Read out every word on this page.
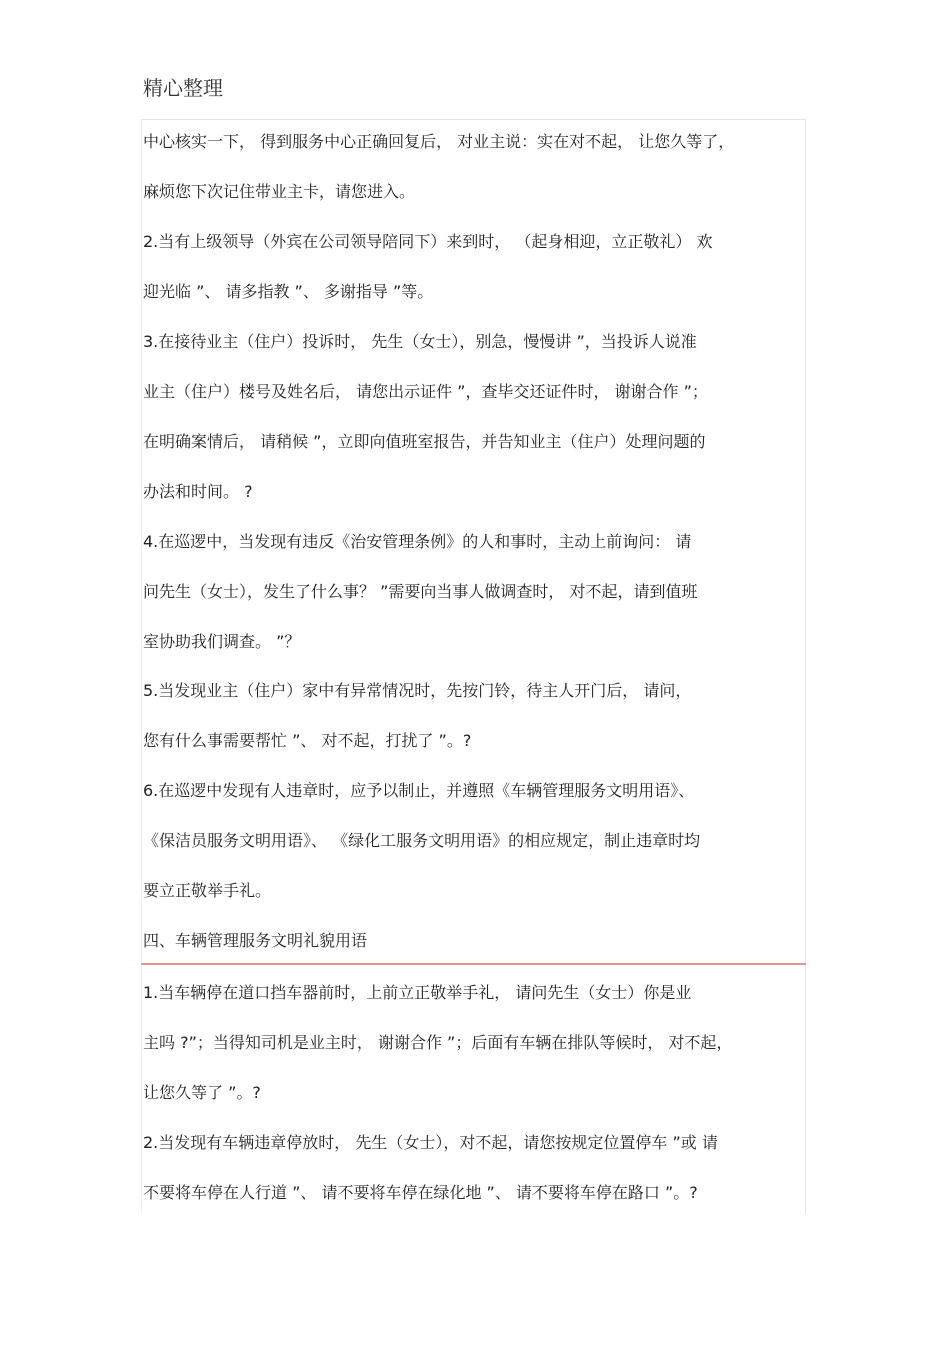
精心整理
中心核实一下， 得到服务中心正确回复后， 对业主说：实在对不起， 让您久等了，
麻烦您下次记住带业主卡，请您进入。
2.当有上级领导（外宾在公司领导陪同下）来到时， （起身相迎，立正敬礼） 欢
迎光临 ”、 请多指教 ”、 多谢指导 ”等。
3.在接待业主（住户）投诉时， 先生（女士），别急，慢慢讲 ”，当投诉人说准
业主（住户）楼号及姓名后， 请您出示证件 ”，查毕交还证件时， 谢谢合作 ”；
在明确案情后， 请稍候 ”，立即向值班室报告，并告知业主（住户）处理问题的
办法和时间。 ?
4.在巡逻中，当发现有违反《治安管理条例》的人和事时，主动上前询问： 请
问先生（女士），发生了什么事？ ”需要向当事人做调查时， 对不起，请到值班
室协助我们调查。 ”？
5.当发现业主（住户）家中有异常情况时，先按门铃，待主人开门后， 请问，
您有什么事需要帮忙 ”、 对不起，打扰了 ”。?
6.在巡逻中发现有人违章时，应予以制止，并遵照《车辆管理服务文明用语》、
《保洁员服务文明用语》、 《绿化工服务文明用语》的相应规定，制止违章时均
要立正敬举手礼。
四、车辆管理服务文明礼貌用语
1.当车辆停在道口挡车器前时，上前立正敬举手礼， 请问先生（女士）你是业
主吗 ?”；当得知司机是业主时， 谢谢合作 ”；后面有车辆在排队等候时， 对不起，
让您久等了 ”。?
2.当发现有车辆违章停放时， 先生（女士），对不起，请您按规定位置停车 ”或 请
不要将车停在人行道 ”、 请不要将车停在绿化地 ”、 请不要将车停在路口 ”。?
